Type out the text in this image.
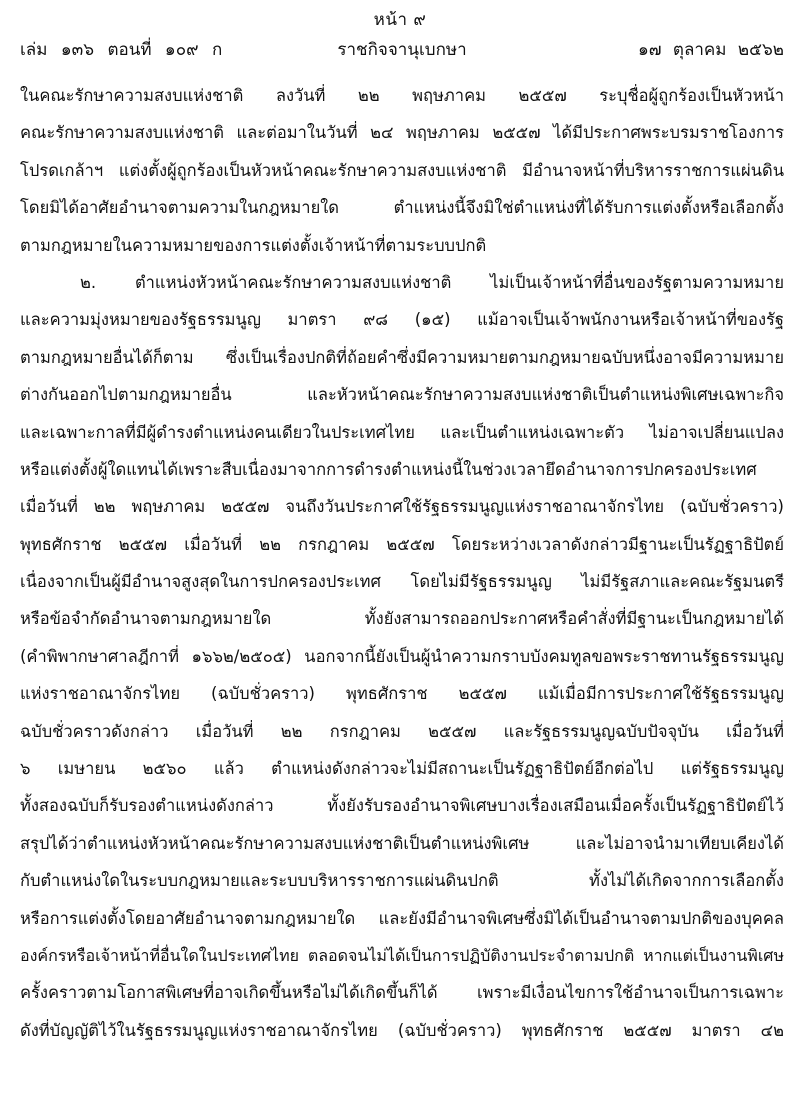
หน้า ๙
เล่ม ๑๓๖ ตอนที่ ๑๐๙ ก	ราชกิจจานุเบกษา	๑๗ ตุลาคม ๒๕๖๒
ในคณะรักษาความสงบแห่งชาติ ลงวันที่ ๒๒ พฤษภาคม ๒๕๕๗ ระบุชื่อผู้ถูกร้องเป็นหัวหน้า
คณะรักษาความสงบแห่งชาติ และต่อมาในวันที่ ๒๔ พฤษภาคม ๒๕๕๗ ได้มีประกาศพระบรมราชโองการ
โปรดเกล้าฯ แต่งตั้งผู้ถูกร้องเป็นหัวหน้าคณะรักษาความสงบแห่งชาติ มีอำนาจหน้าที่บริหารราชการแผ่นดิน
โดยมิได้อาศัยอำนาจตามความในกฎหมายใด ตำแหน่งนี้จึงมิใช่ตำแหน่งที่ได้รับการแต่งตั้งหรือเลือกตั้ง
ตามกฎหมายในความหมายของการแต่งตั้งเจ้าหน้าที่ตามระบบปกติ
๒. ตำแหน่งหัวหน้าคณะรักษาความสงบแห่งชาติ ไม่เป็นเจ้าหน้าที่อื่นของรัฐตามความหมาย
และความมุ่งหมายของรัฐธรรมนูญ มาตรา ๙๘ (๑๕) แม้อาจเป็นเจ้าพนักงานหรือเจ้าหน้าที่ของรัฐ
ตามกฎหมายอื่นได้ก็ตาม ซึ่งเป็นเรื่องปกติที่ถ้อยคำซึ่งมีความหมายตามกฎหมายฉบับหนึ่งอาจมีความหมาย
ต่างกันออกไปตามกฎหมายอื่น และหัวหน้าคณะรักษาความสงบแห่งชาติเป็นตำแหน่งพิเศษเฉพาะกิจ
และเฉพาะกาลที่มีผู้ดำรงตำแหน่งคนเดียวในประเทศไทย และเป็นตำแหน่งเฉพาะตัว ไม่อาจเปลี่ยนแปลง
หรือแต่งตั้งผู้ใดแทนได้เพราะสืบเนื่องมาจากการดำรงตำแหน่งนี้ในช่วงเวลายึดอำนาจการปกครองประเทศ
เมื่อวันที่ ๒๒ พฤษภาคม ๒๕๕๗ จนถึงวันประกาศใช้รัฐธรรมนูญแห่งราชอาณาจักรไทย (ฉบับชั่วคราว)
พุทธศักราช ๒๕๕๗ เมื่อวันที่ ๒๒ กรกฎาคม ๒๕๕๗ โดยระหว่างเวลาดังกล่าวมีฐานะเป็นรัฏฐาธิปัตย์
เนื่องจากเป็นผู้มีอำนาจสูงสุดในการปกครองประเทศ โดยไม่มีรัฐธรรมนูญ ไม่มีรัฐสภาและคณะรัฐมนตรี
หรือข้อจำกัดอำนาจตามกฎหมายใด ทั้งยังสามารถออกประกาศหรือคำสั่งที่มีฐานะเป็นกฎหมายได้
(คำพิพากษาศาลฎีกาที่ ๑๖๖๒/๒๕๐๕) นอกจากนี้ยังเป็นผู้นำความกราบบังคมทูลขอพระราชทานรัฐธรรมนูญ
แห่งราชอาณาจักรไทย (ฉบับชั่วคราว) พุทธศักราช ๒๕๕๗ แม้เมื่อมีการประกาศใช้รัฐธรรมนูญ
ฉบับชั่วคราวดังกล่าว เมื่อวันที่ ๒๒ กรกฎาคม ๒๕๕๗ และรัฐธรรมนูญฉบับปัจจุบัน เมื่อวันที่
๖ เมษายน ๒๕๖๐ แล้ว ตำแหน่งดังกล่าวจะไม่มีสถานะเป็นรัฏฐาธิปัตย์อีกต่อไป แต่รัฐธรรมนูญ
ทั้งสองฉบับก็รับรองตำแหน่งดังกล่าว ทั้งยังรับรองอำนาจพิเศษบางเรื่องเสมือนเมื่อครั้งเป็นรัฏฐาธิปัตย์ไว้
สรุปได้ว่าตำแหน่งหัวหน้าคณะรักษาความสงบแห่งชาติเป็นตำแหน่งพิเศษ และไม่อาจนำมาเทียบเคียงได้
กับตำแหน่งใดในระบบกฎหมายและระบบบริหารราชการแผ่นดินปกติ ทั้งไม่ได้เกิดจากการเลือกตั้ง
หรือการแต่งตั้งโดยอาศัยอำนาจตามกฎหมายใด และยังมีอำนาจพิเศษซึ่งมิได้เป็นอำนาจตามปกติของบุคคล
องค์กรหรือเจ้าหน้าที่อื่นใดในประเทศไทย ตลอดจนไม่ได้เป็นการปฏิบัติงานประจำตามปกติ หากแต่เป็นงานพิเศษ
ครั้งคราวตามโอกาสพิเศษที่อาจเกิดขึ้นหรือไม่ได้เกิดขึ้นก็ได้ เพราะมีเงื่อนไขการใช้อำนาจเป็นการเฉพาะ
ดังที่บัญญัติไว้ในรัฐธรรมนูญแห่งราชอาณาจักรไทย (ฉบับชั่วคราว) พุทธศักราช ๒๕๕๗ มาตรา ๔๒
